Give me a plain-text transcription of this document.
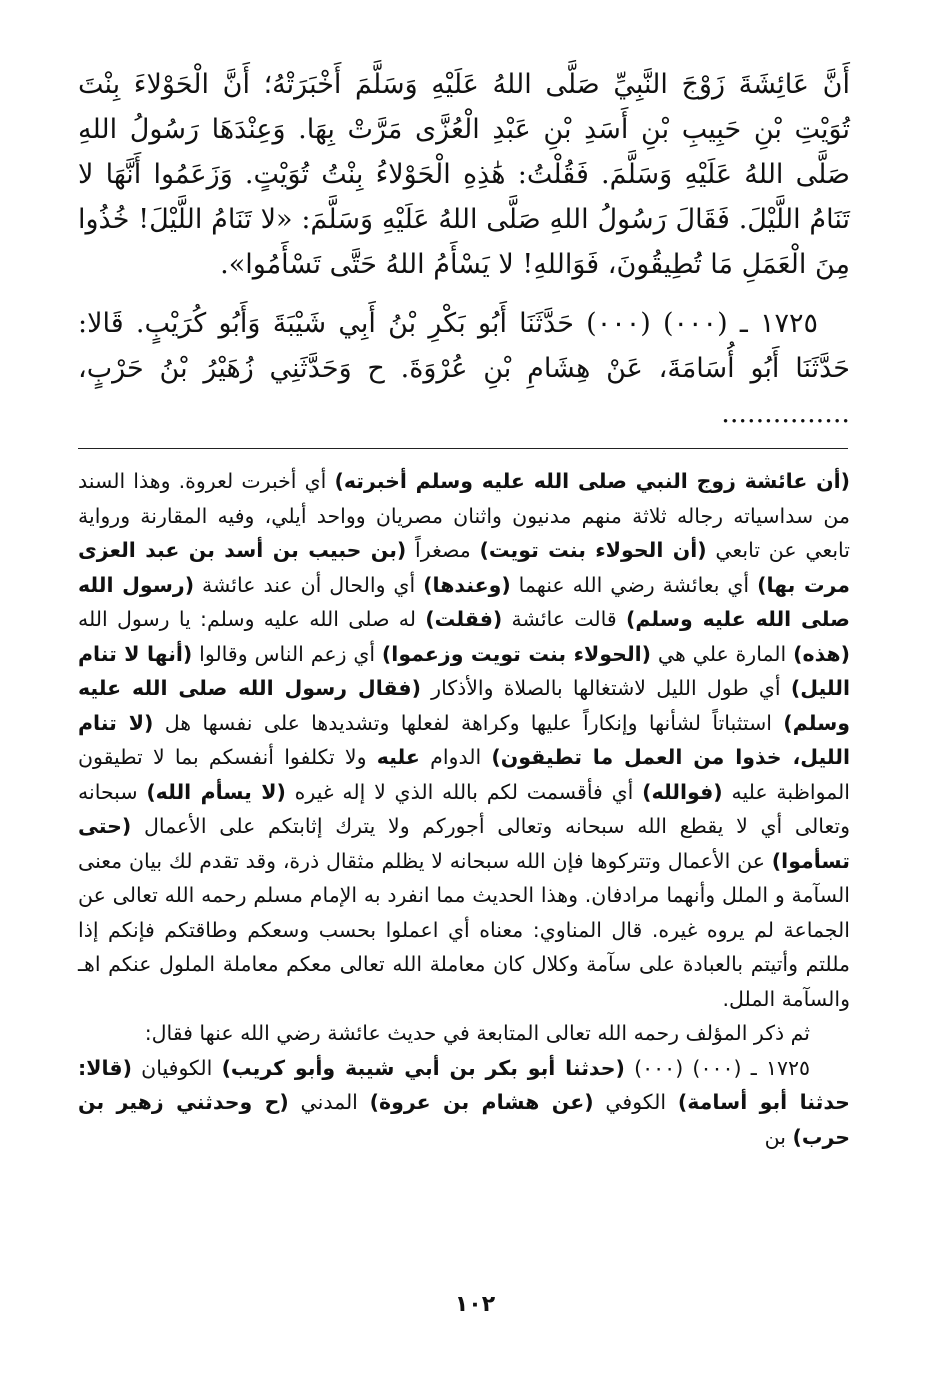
أَنَّ عَائِشَةَ زَوْجَ النَّبِيِّ صَلَّى اللهُ عَلَيْهِ وَسَلَّمَ أَخْبَرَتْهُ؛ أَنَّ الْحَوْلاءَ بِنْتَ تُوَيْتِ بْنِ حَبِيبِ بْنِ أَسَدِ بْنِ عَبْدِ الْعُزَّى مَرَّتْ بِهَا. وَعِنْدَهَا رَسُولُ اللهِ صَلَّى اللهُ عَلَيْهِ وَسَلَّمَ. فَقُلْتُ: هَٰذِهِ الْحَوْلاءُ بِنْتُ تُوَيْتٍ. وَزَعَمُوا أَنَّهَا لا تَنَامُ اللَّيْلَ. فَقَالَ رَسُولُ اللهِ صَلَّى اللهُ عَلَيْهِ وَسَلَّمَ: «لا تَنَامُ اللَّيْلَ! خُذُوا مِنَ الْعَمَلِ مَا تُطِيقُونَ، فَوَاللهِ! لا يَسْأَمُ اللهُ حَتَّى تَسْأَمُوا».

١٧٢٥ ـ (٠٠٠) (٠٠٠) حَدَّثَنَا أَبُو بَكْرِ بْنُ أَبِي شَيْبَةَ وَأَبُو كُرَيْبٍ. قَالا: حَدَّثَنَا أَبُو أُسَامَةَ، عَنْ هِشَامِ بْنِ عُرْوَةَ. ح وَحَدَّثَنِي زُهَيْرُ بْنُ حَرْبٍ، ...............

(أن عائشة زوج النبي صلى الله عليه وسلم أخبرته) أي أخبرت لعروة. وهذا السند من سداسياته رجاله ثلاثة منهم مدنيون واثنان مصريان وواحد أيلي، وفيه المقارنة ورواية تابعي عن تابعي (أن الحولاء بنت تويت) مصغراً (بن حبيب بن أسد بن عبد العزى مرت بها) أي بعائشة رضي الله عنهما (وعندها) أي والحال أن عند عائشة (رسول الله صلى الله عليه وسلم) قالت عائشة (فقلت) له صلى الله عليه وسلم: يا رسول الله (هذه) المارة علي هي (الحولاء بنت تويت وزعموا) أي زعم الناس وقالوا (أنها لا تنام الليل) أي طول الليل لاشتغالها بالصلاة والأذكار (فقال رسول الله صلى الله عليه وسلم) استثباتاً لشأنها وإنكاراً عليها وكراهة لفعلها وتشديدها على نفسها هل (لا تنام الليل، خذوا من العمل ما تطيقون) الدوام عليه ولا تكلفوا أنفسكم بما لا تطيقون المواظبة عليه (فوالله) أي فأقسمت لكم بالله الذي لا إله غيره (لا يسأم الله) سبحانه وتعالى أي لا يقطع الله سبحانه وتعالى أجوركم ولا يترك إثابتكم على الأعمال (حتى تسأموا) عن الأعمال وتتركوها فإن الله سبحانه لا يظلم مثقال ذرة، وقد تقدم لك بيان معنى السآمة و الملل وأنهما مرادفان. وهذا الحديث مما انفرد به الإمام مسلم رحمه الله تعالى عن الجماعة لم يروه غيره. قال المناوي: معناه أي اعملوا بحسب وسعكم وطاقتكم فإنكم إذا مللتم وأتيتم بالعبادة على سآمة وكلال كان معاملة الله تعالى معكم معاملة الملول عنكم اهـ والسآمة الملل.

ثم ذكر المؤلف رحمه الله تعالى المتابعة في حديث عائشة رضي الله عنها فقال:

١٧٢٥ ـ (٠٠٠) (٠٠٠) (حدثنا أبو بكر بن أبي شيبة وأبو كريب) الكوفيان (قالا: حدثنا أبو أسامة) الكوفي (عن هشام بن عروة) المدني (ح وحدثني زهير بن حرب) بن

١٠٢
